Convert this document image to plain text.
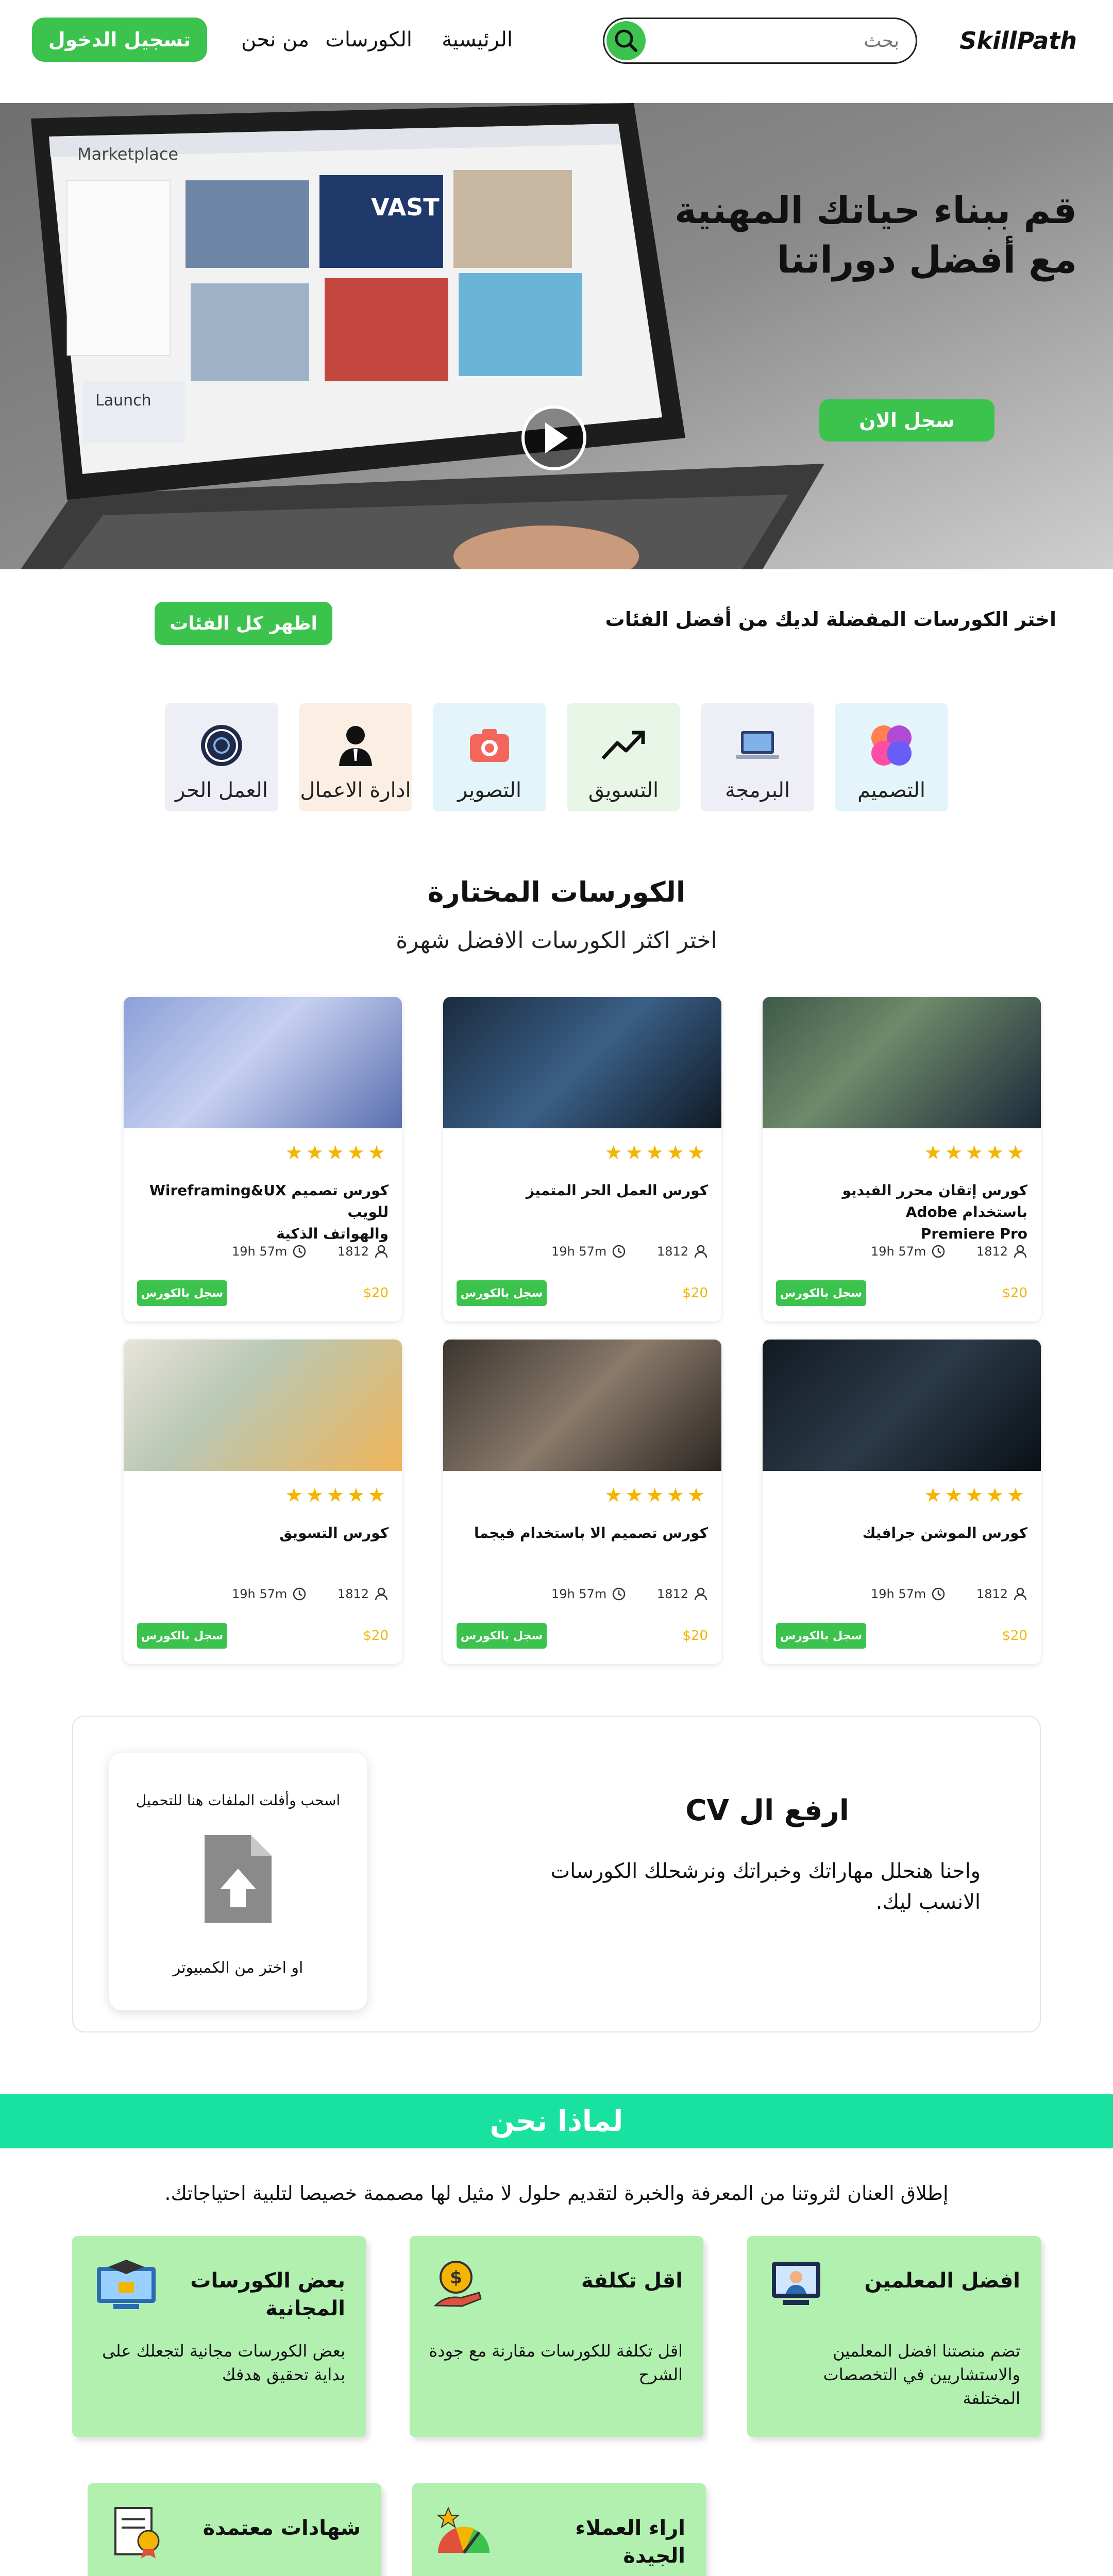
SkillPath
بحث
الرئيسية
الكورسات
من نحن
تسجيل الدخول
Marketplace
VAST
Launch
قم ببناء حياتك المهنية
مع أفضل دوراتنا
سجل الان
اختر الكورسات المفضلة لديك من أفضل الفئات
اظهر كل الفئات
التصميم
البرمجة
التسويق
التصوير
ادارة الاعمال
العمل الحر
الكورسات المختارة
اختر اكثر الكورسات الافضل شهرة
★★★★★
كورس إتقان محرر الفيديو باستخدام Adobe
Premiere Pro
1812
19h 57m
سجل بالكورس	$20
★★★★★
كورس العمل الحر المتميز
1812
19h 57m
سجل بالكورس	$20
★★★★★
كورس تصميم Wireframing&UX للويب
والهواتف الذكية
1812
19h 57m
سجل بالكورس	$20
★★★★★
كورس الموشن جرافيك
1812
19h 57m
سجل بالكورس	$20
★★★★★
كورس تصميم الا باستخدام فيجما
1812
19h 57m
سجل بالكورس	$20
★★★★★
كورس التسويق
1812
19h 57m
سجل بالكورس	$20
ارفع ال CV
واحنا هنحلل مهاراتك وخبراتك ونرشحلك الكورسات
الانسب ليك.
اسحب وأفلت الملفات هنا للتحميل
او اختر من الكمبيوتر
لماذا نحن
إطلاق العنان لثروتنا من المعرفة والخبرة لتقديم حلول لا مثيل لها مصممة خصيصا لتلبية احتياجاتك.
افضل المعلمين
تضم منصتنا افضل المعلمين
والاستشاريين في التخصصات المختلفة
$	اقل تكلفة
اقل تكلفة للكورسات مقارنة مع جودة
الشرح
بعض الكورسات المجانية
بعض الكورسات مجانية لتجعلك على
بداية تحقيق هدفك
اراء العملاء الجيدة
شهادات معتمدة
